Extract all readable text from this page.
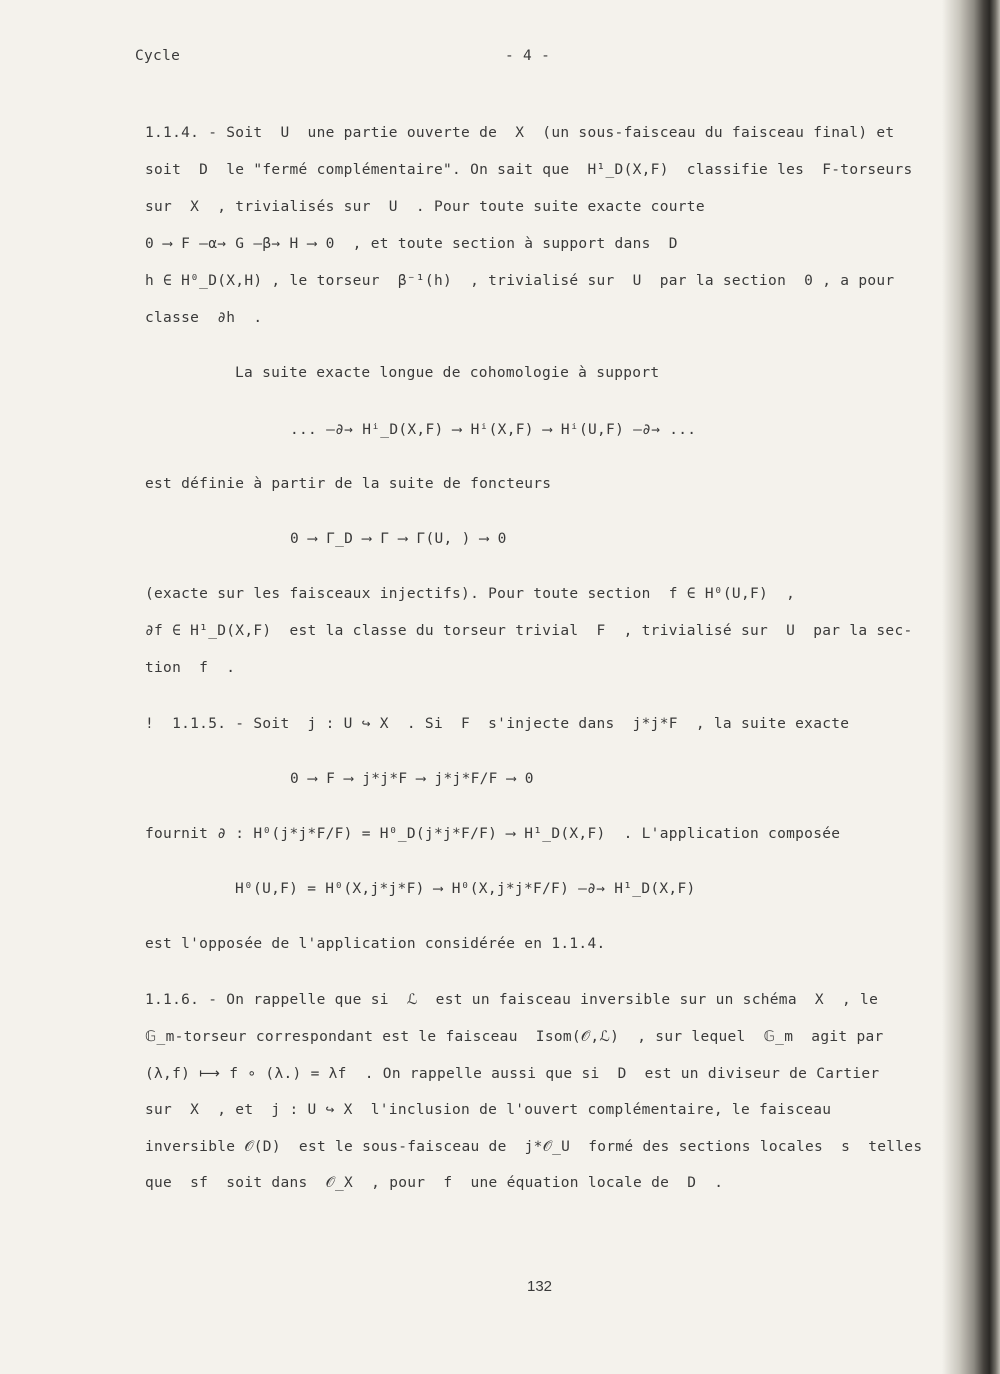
Cycle	- 4 -
1.1.4. - Soit  U  une partie ouverte de  X  (un sous-faisceau du faisceau final) et
soit  D  le "fermé complémentaire". On sait que  H¹_D(X,F)  classifie les  F-torseurs
sur  X  , trivialisés sur  U  . Pour toute suite exacte courte
0 ⟶ F –α→ G –β→ H ⟶ 0  , et toute section à support dans  D
h ∈ H⁰_D(X,H) , le torseur  β⁻¹(h)  , trivialisé sur  U  par la section  0 , a pour
classe  ∂h  .
La suite exacte longue de cohomologie à support
... –∂→ Hⁱ_D(X,F) ⟶ Hⁱ(X,F) ⟶ Hⁱ(U,F) –∂→ ...
est définie à partir de la suite de foncteurs
0 ⟶ Γ_D ⟶ Γ ⟶ Γ(U, ) ⟶ 0
(exacte sur les faisceaux injectifs). Pour toute section  f ∈ H⁰(U,F)  ,
∂f ∈ H¹_D(X,F)  est la classe du torseur trivial  F  , trivialisé sur  U  par la sec-
tion  f  .
!  1.1.5. - Soit  j : U ↪ X  . Si  F  s'injecte dans  j*j*F  , la suite exacte
0 ⟶ F ⟶ j*j*F ⟶ j*j*F/F ⟶ 0
fournit ∂ : H⁰(j*j*F/F) = H⁰_D(j*j*F/F) ⟶ H¹_D(X,F)  . L'application composée
H⁰(U,F) = H⁰(X,j*j*F) ⟶ H⁰(X,j*j*F/F) –∂→ H¹_D(X,F)
est l'opposée de l'application considérée en 1.1.4.
1.1.6. - On rappelle que si  ℒ  est un faisceau inversible sur un schéma  X  , le
𝔾_m-torseur correspondant est le faisceau  Isom(𝒪,ℒ)  , sur lequel  𝔾_m  agit par
(λ,f) ⟼ f ∘ (λ.) = λf  . On rappelle aussi que si  D  est un diviseur de Cartier
sur  X  , et  j : U ↪ X  l'inclusion de l'ouvert complémentaire, le faisceau
inversible 𝒪(D)  est le sous-faisceau de  j*𝒪_U  formé des sections locales  s  telles
que  sf  soit dans  𝒪_X  , pour  f  une équation locale de  D  .
132
